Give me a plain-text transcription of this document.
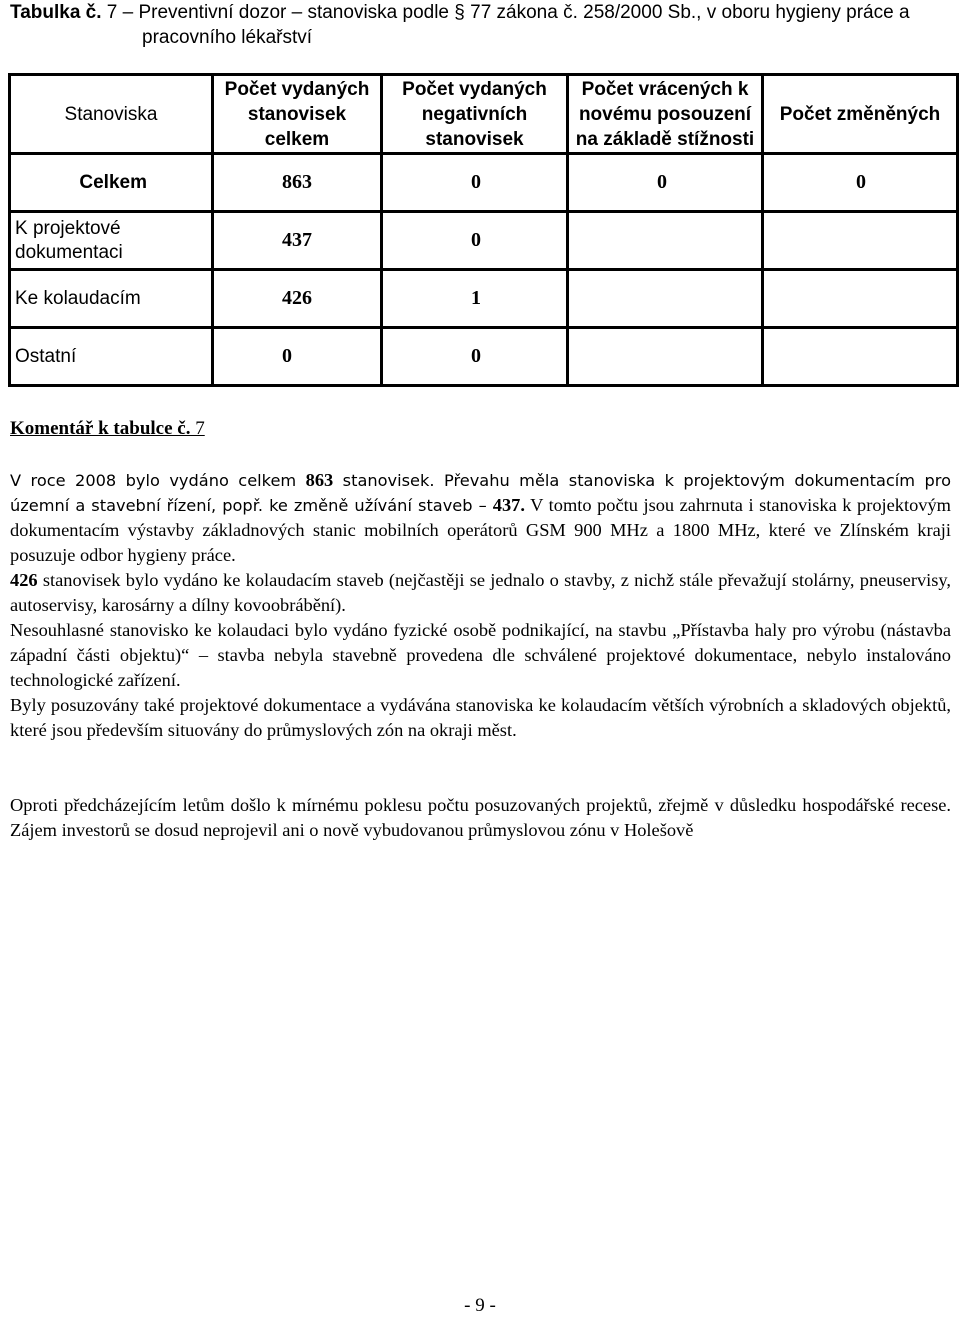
Tabulka č. 7 – Preventivní dozor – stanoviska podle § 77 zákona č. 258/2000 Sb., v oboru hygieny práce a
pracovního lékařství
Stanoviska	Počet vydaných stanovisek celkem	Počet vydaných negativních stanovisek	Počet vrácených k novému posouzení na základě stížnosti	Počet změněných
Celkem	863	0	0	0
K projektové dokumentaci	437	0		
Ke kolaudacím	426	1		
Ostatní	0	0		
Komentář k tabulce č. 7

V roce 2008 bylo vydáno celkem 863 stanovisek. Převahu měla stanoviska k projektovým dokumentacím pro územní a stavební řízení, popř. ke změně užívání staveb – 437. V tomto počtu jsou zahrnuta i stanoviska k projektovým dokumentacím výstavby základnových stanic mobilních operátorů GSM 900 MHz a 1800 MHz, které ve Zlínském kraji posuzuje odbor hygieny práce.

426 stanovisek bylo vydáno ke kolaudacím staveb (nejčastěji se jednalo o stavby, z nichž stále převažují stolárny, pneuservisy, autoservisy, karosárny a dílny kovoobrábění).

Nesouhlasné stanovisko ke kolaudaci bylo vydáno fyzické osobě podnikající, na stavbu „Přístavba haly pro výrobu (nástavba západní části objektu)“ – stavba nebyla stavebně provedena dle schválené projektové dokumentace, nebylo instalováno technologické zařízení.

Byly posuzovány také projektové dokumentace a vydávána stanoviska ke kolaudacím větších výrobních a skladových objektů, které jsou především situovány do průmyslových zón na okraji měst.

Oproti předcházejícím letům došlo k mírnému poklesu počtu posuzovaných projektů, zřejmě v důsledku hospodářské recese. Zájem investorů se dosud neprojevil ani o nově vybudovanou průmyslovou zónu v Holešově

- 9 -
